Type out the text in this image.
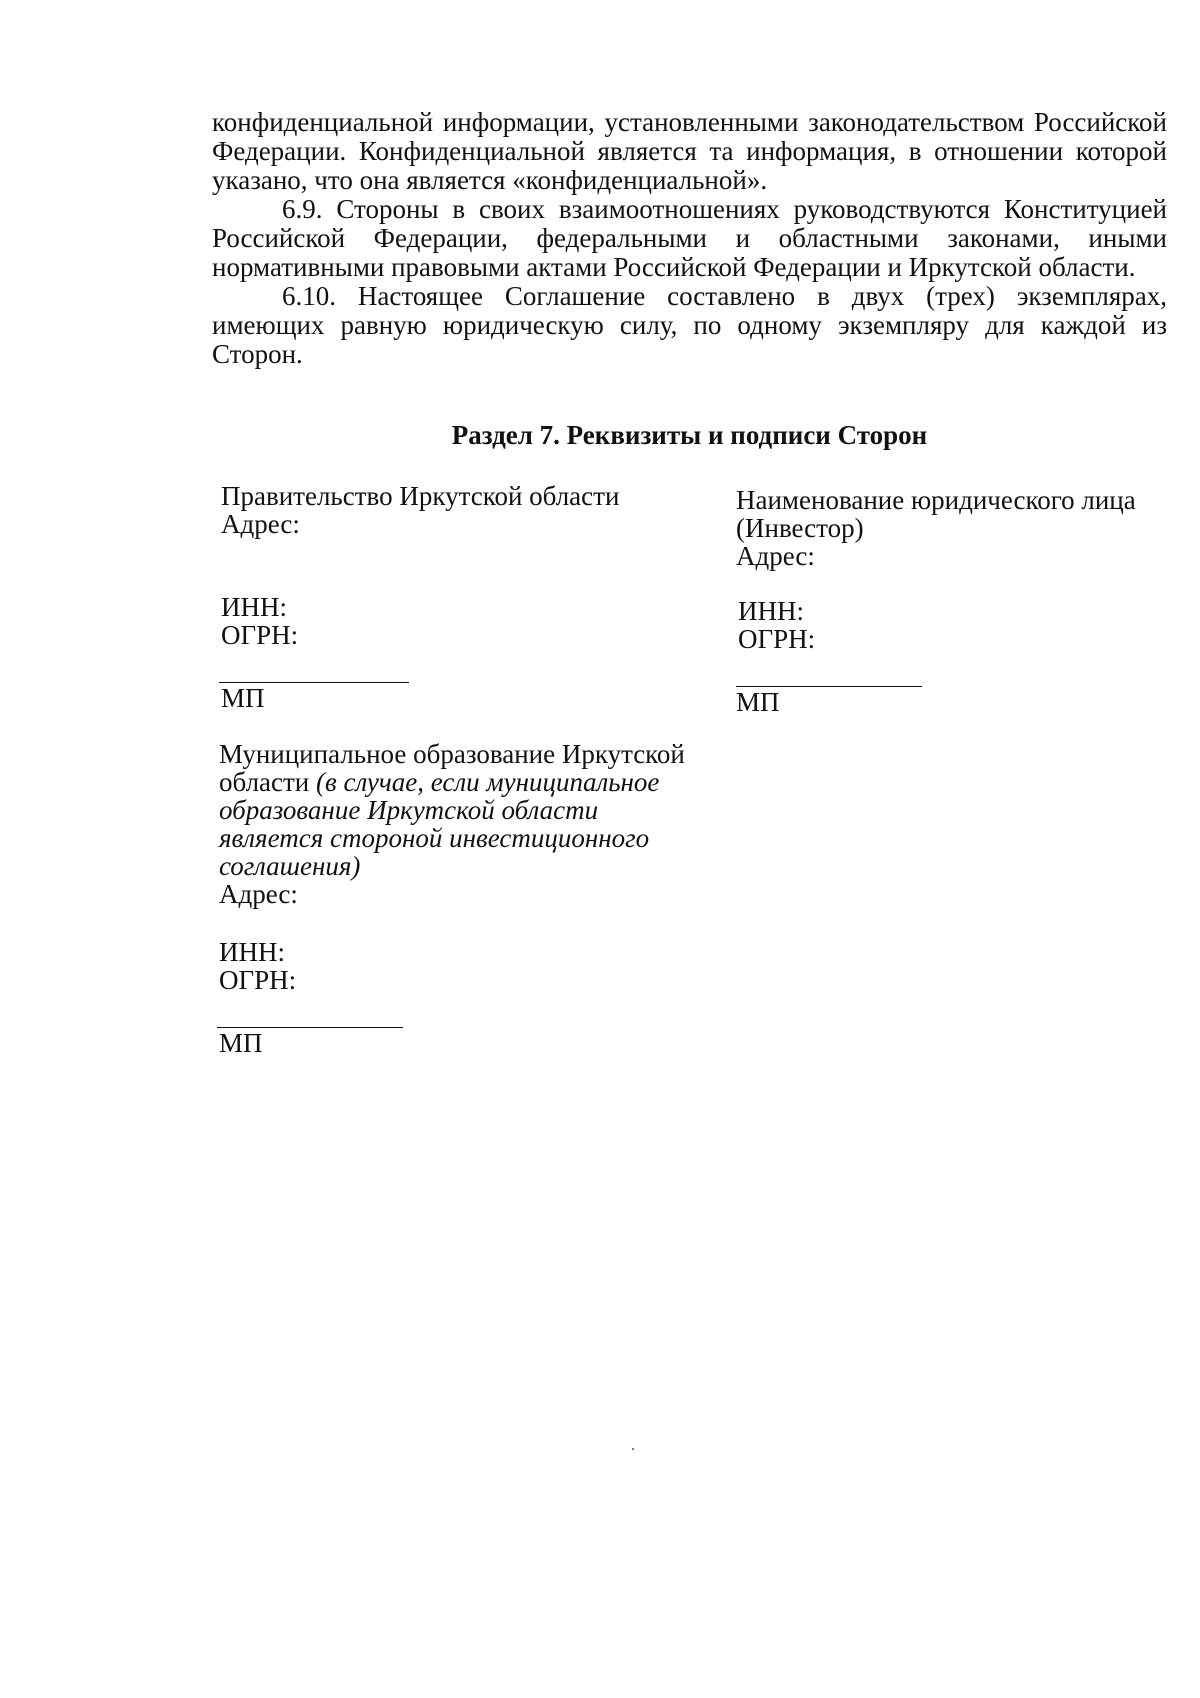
конфиденциальной информации, установленными законодательством Российской Федерации. Конфиденциальной является та информация, в отношении которой указано, что она является «конфиденциальной».

6.9. Стороны в своих взаимоотношениях руководствуются Конституцией Российской Федерации, федеральными и областными законами, иными нормативными правовыми актами Российской Федерации и Иркутской области.

6.10. Настоящее Соглашение составлено в двух (трех) экземплярах, имеющих равную юридическую силу, по одному экземпляру для каждой из Сторон.

Раздел 7. Реквизиты и подписи Сторон
Правительство Иркутской области
Адрес:
ИНН:
ОГРН:
МП
Наименование юридического лица
(Инвестор)
Адрес:
ИНН:
ОГРН:
МП
Муниципальное образование Иркутской
области (в случае, если муниципальное
образование Иркутской области
является стороной инвестиционного
соглашения)
Адрес:
ИНН:
ОГРН:
МП
